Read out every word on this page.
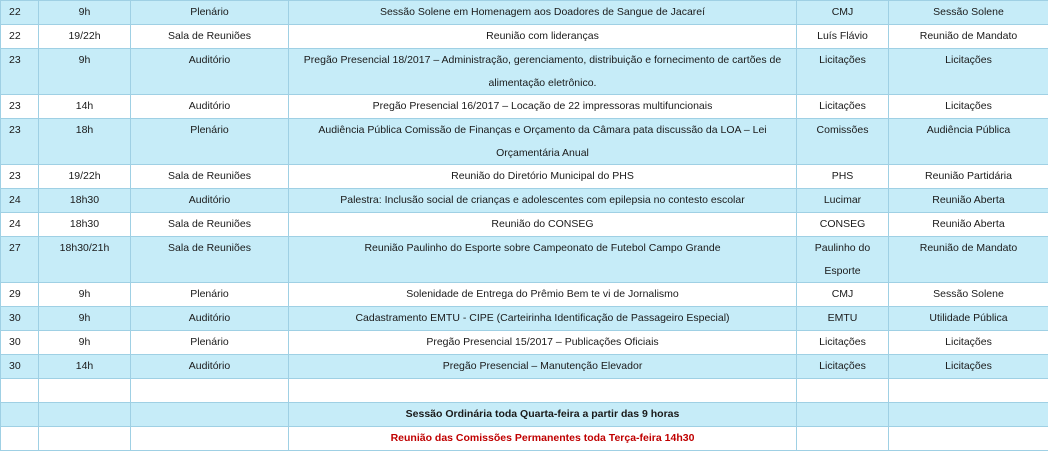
22	9h	Plenário	Sessão Solene em Homenagem aos Doadores de Sangue de Jacareí	CMJ	Sessão Solene
22	19/22h	Sala de Reuniões	Reunião com lideranças	Luís Flávio	Reunião de Mandato
23	9h	Auditório	Pregão Presencial 18/2017 – Administração, gerenciamento, distribuição e fornecimento de cartões de alimentação eletrônico.	Licitações	Licitações
23	14h	Auditório	Pregão Presencial 16/2017 – Locação de 22 impressoras multifuncionais	Licitações	Licitações
23	18h	Plenário	Audiência Pública Comissão de Finanças e Orçamento da Câmara pata discussão da LOA – Lei Orçamentária Anual	Comissões	Audiência Pública
23	19/22h	Sala de Reuniões	Reunião do Diretório Municipal do PHS	PHS	Reunião Partidária
24	18h30	Auditório	Palestra: Inclusão social de crianças e adolescentes com epilepsia no contesto escolar	Lucimar	Reunião Aberta
24	18h30	Sala de Reuniões	Reunião do CONSEG	CONSEG	Reunião Aberta
27	18h30/21h	Sala de Reuniões	Reunião Paulinho do Esporte sobre Campeonato de Futebol Campo Grande	Paulinho do Esporte	Reunião de Mandato
29	9h	Plenário	Solenidade de Entrega do Prêmio Bem te vi de Jornalismo	CMJ	Sessão Solene
30	9h	Auditório	Cadastramento EMTU - CIPE (Carteirinha Identificação de Passageiro Especial)	EMTU	Utilidade Pública
30	9h	Plenário	Pregão Presencial 15/2017 – Publicações Oficiais	Licitações	Licitações
30	14h	Auditório	Pregão Presencial – Manutenção Elevador	Licitações	Licitações

			Sessão Ordinária toda Quarta-feira a partir das 9 horas		
			Reunião das Comissões Permanentes toda Terça-feira 14h30		
